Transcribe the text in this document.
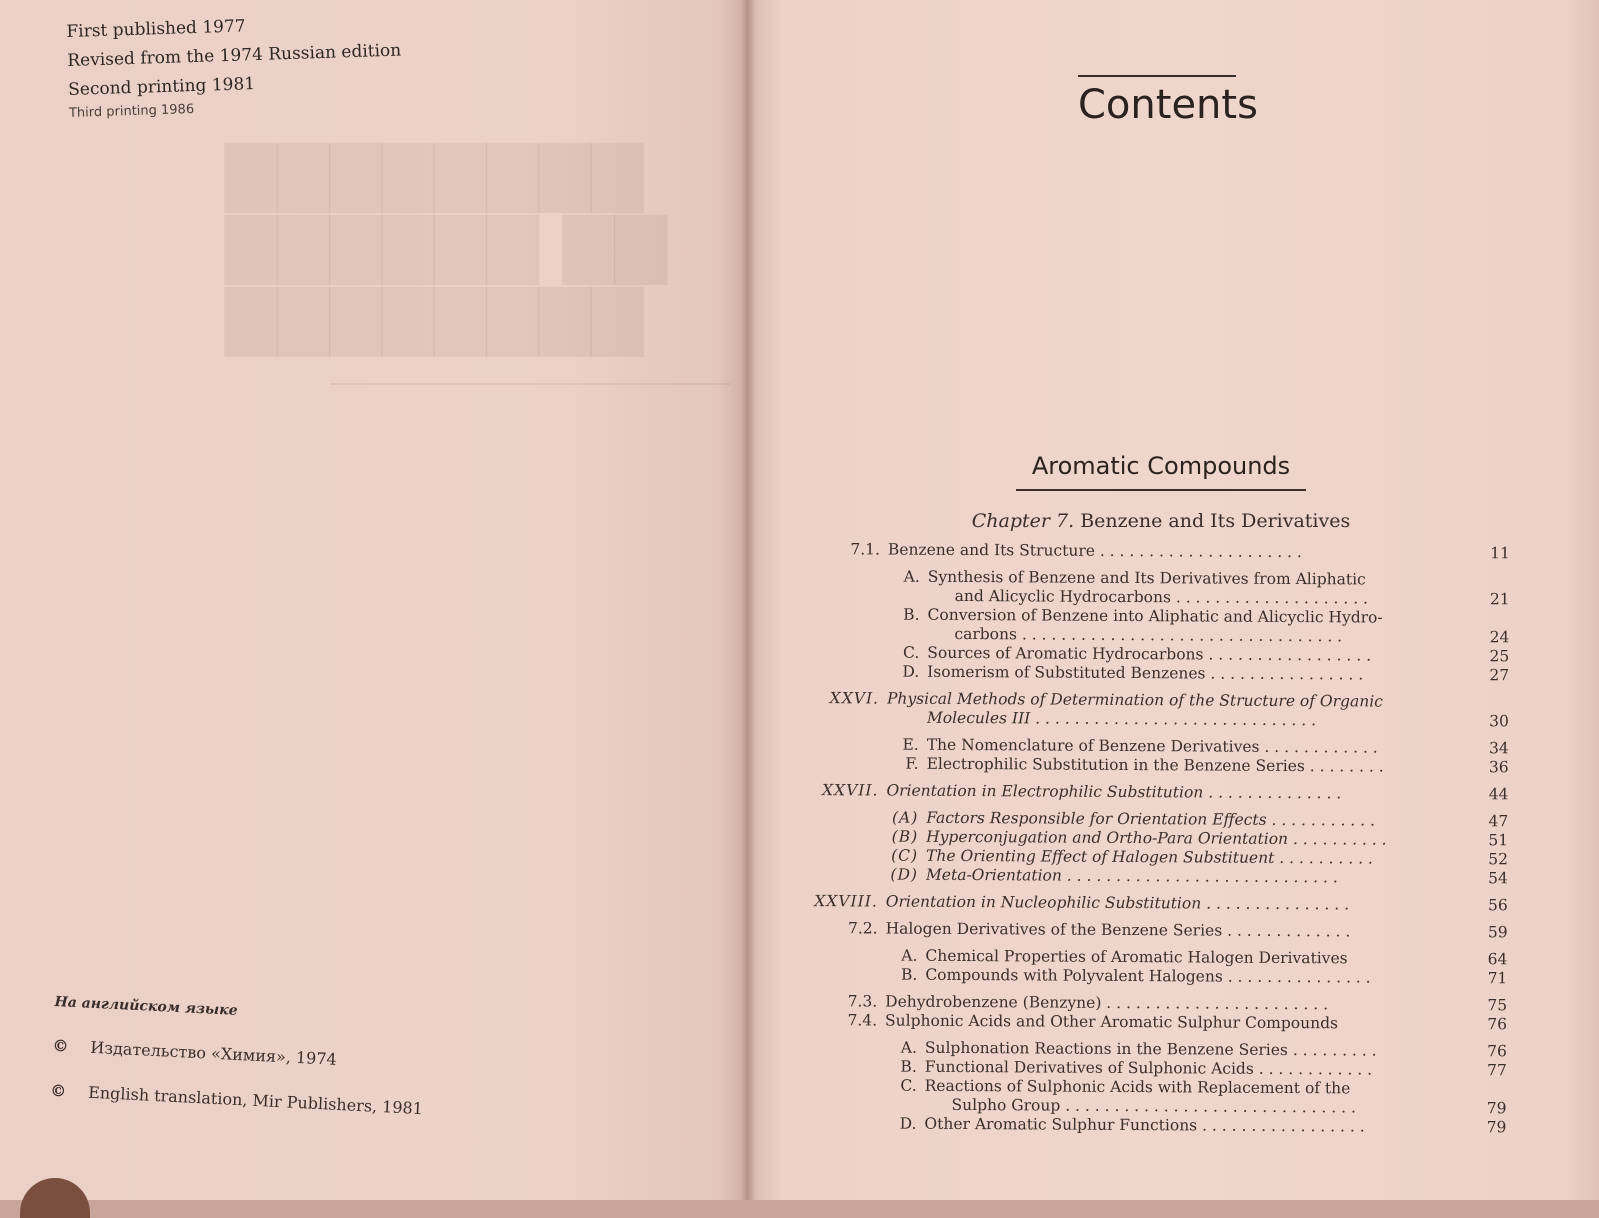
▇▇▇▇▇▇▇▇
▇▇ ▇▇▇▇▇▇
▇▇▇▇▇▇▇▇
First published 1977
Revised from the 1974 Russian edition
Second printing 1981
Third printing 1986
На английском языке
© Издательство «Химия», 1974
© English translation, Mir Publishers, 1981
Contents
Aromatic Compounds
Chapter 7. Benzene and Its Derivatives
7.1. Benzene and Its Structure . . . . . . . . . . . . . . . . . . . . .	11
A. Synthesis of Benzene and Its Derivatives from Aliphatic
and Alicyclic Hydrocarbons . . . . . . . . . . . . . . . . . . . .	21
B. Conversion of Benzene into Aliphatic and Alicyclic Hydro-
carbons . . . . . . . . . . . . . . . . . . . . . . . . . . . . . . . . .	24
C. Sources of Aromatic Hydrocarbons . . . . . . . . . . . . . . . . .	25
D. Isomerism of Substituted Benzenes . . . . . . . . . . . . . . . .	27
XXVI. Physical Methods of Determination of the Structure of Organic
Molecules III . . . . . . . . . . . . . . . . . . . . . . . . . . . . .	30
E. The Nomenclature of Benzene Derivatives . . . . . . . . . . . .	34
F. Electrophilic Substitution in the Benzene Series . . . . . . . .	36
XXVII. Orientation in Electrophilic Substitution . . . . . . . . . . . . . .	44
(A) Factors Responsible for Orientation Effects . . . . . . . . . . .	47
(B) Hyperconjugation and Ortho-Para Orientation . . . . . . . . . .	51
(C) The Orienting Effect of Halogen Substituent . . . . . . . . . .	52
(D) Meta-Orientation . . . . . . . . . . . . . . . . . . . . . . . . . . . .	54
XXVIII. Orientation in Nucleophilic Substitution . . . . . . . . . . . . . . .	56
7.2. Halogen Derivatives of the Benzene Series . . . . . . . . . . . . .	59
A. Chemical Properties of Aromatic Halogen Derivatives	64
B. Compounds with Polyvalent Halogens . . . . . . . . . . . . . . .	71
7.3. Dehydrobenzene (Benzyne) . . . . . . . . . . . . . . . . . . . . . . .	75
7.4. Sulphonic Acids and Other Aromatic Sulphur Compounds	76
A. Sulphonation Reactions in the Benzene Series . . . . . . . . .	76
B. Functional Derivatives of Sulphonic Acids . . . . . . . . . . . .	77
C. Reactions of Sulphonic Acids with Replacement of the
Sulpho Group . . . . . . . . . . . . . . . . . . . . . . . . . . . . . .	79
D. Other Aromatic Sulphur Functions . . . . . . . . . . . . . . . . .	79
